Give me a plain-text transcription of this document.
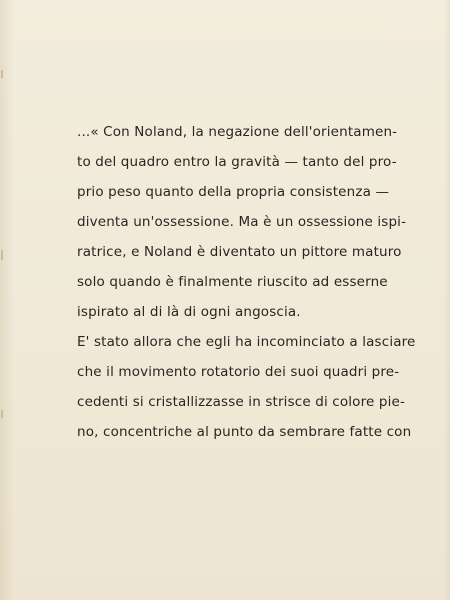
...« Con Noland, la negazione dell'orientamen-
to del quadro entro la gravità — tanto del pro-
prio peso quanto della propria consistenza —
diventa un'ossessione. Ma è un ossessione ispi-
ratrice, e Noland è diventato un pittore maturo
solo quando è finalmente riuscito ad esserne
ispirato al di là di ogni angoscia.

E' stato allora che egli ha incominciato a lasciare
che il movimento rotatorio dei suoi quadri pre-
cedenti si cristallizzasse in strisce di colore pie-
no, concentriche al punto da sembrare fatte con
